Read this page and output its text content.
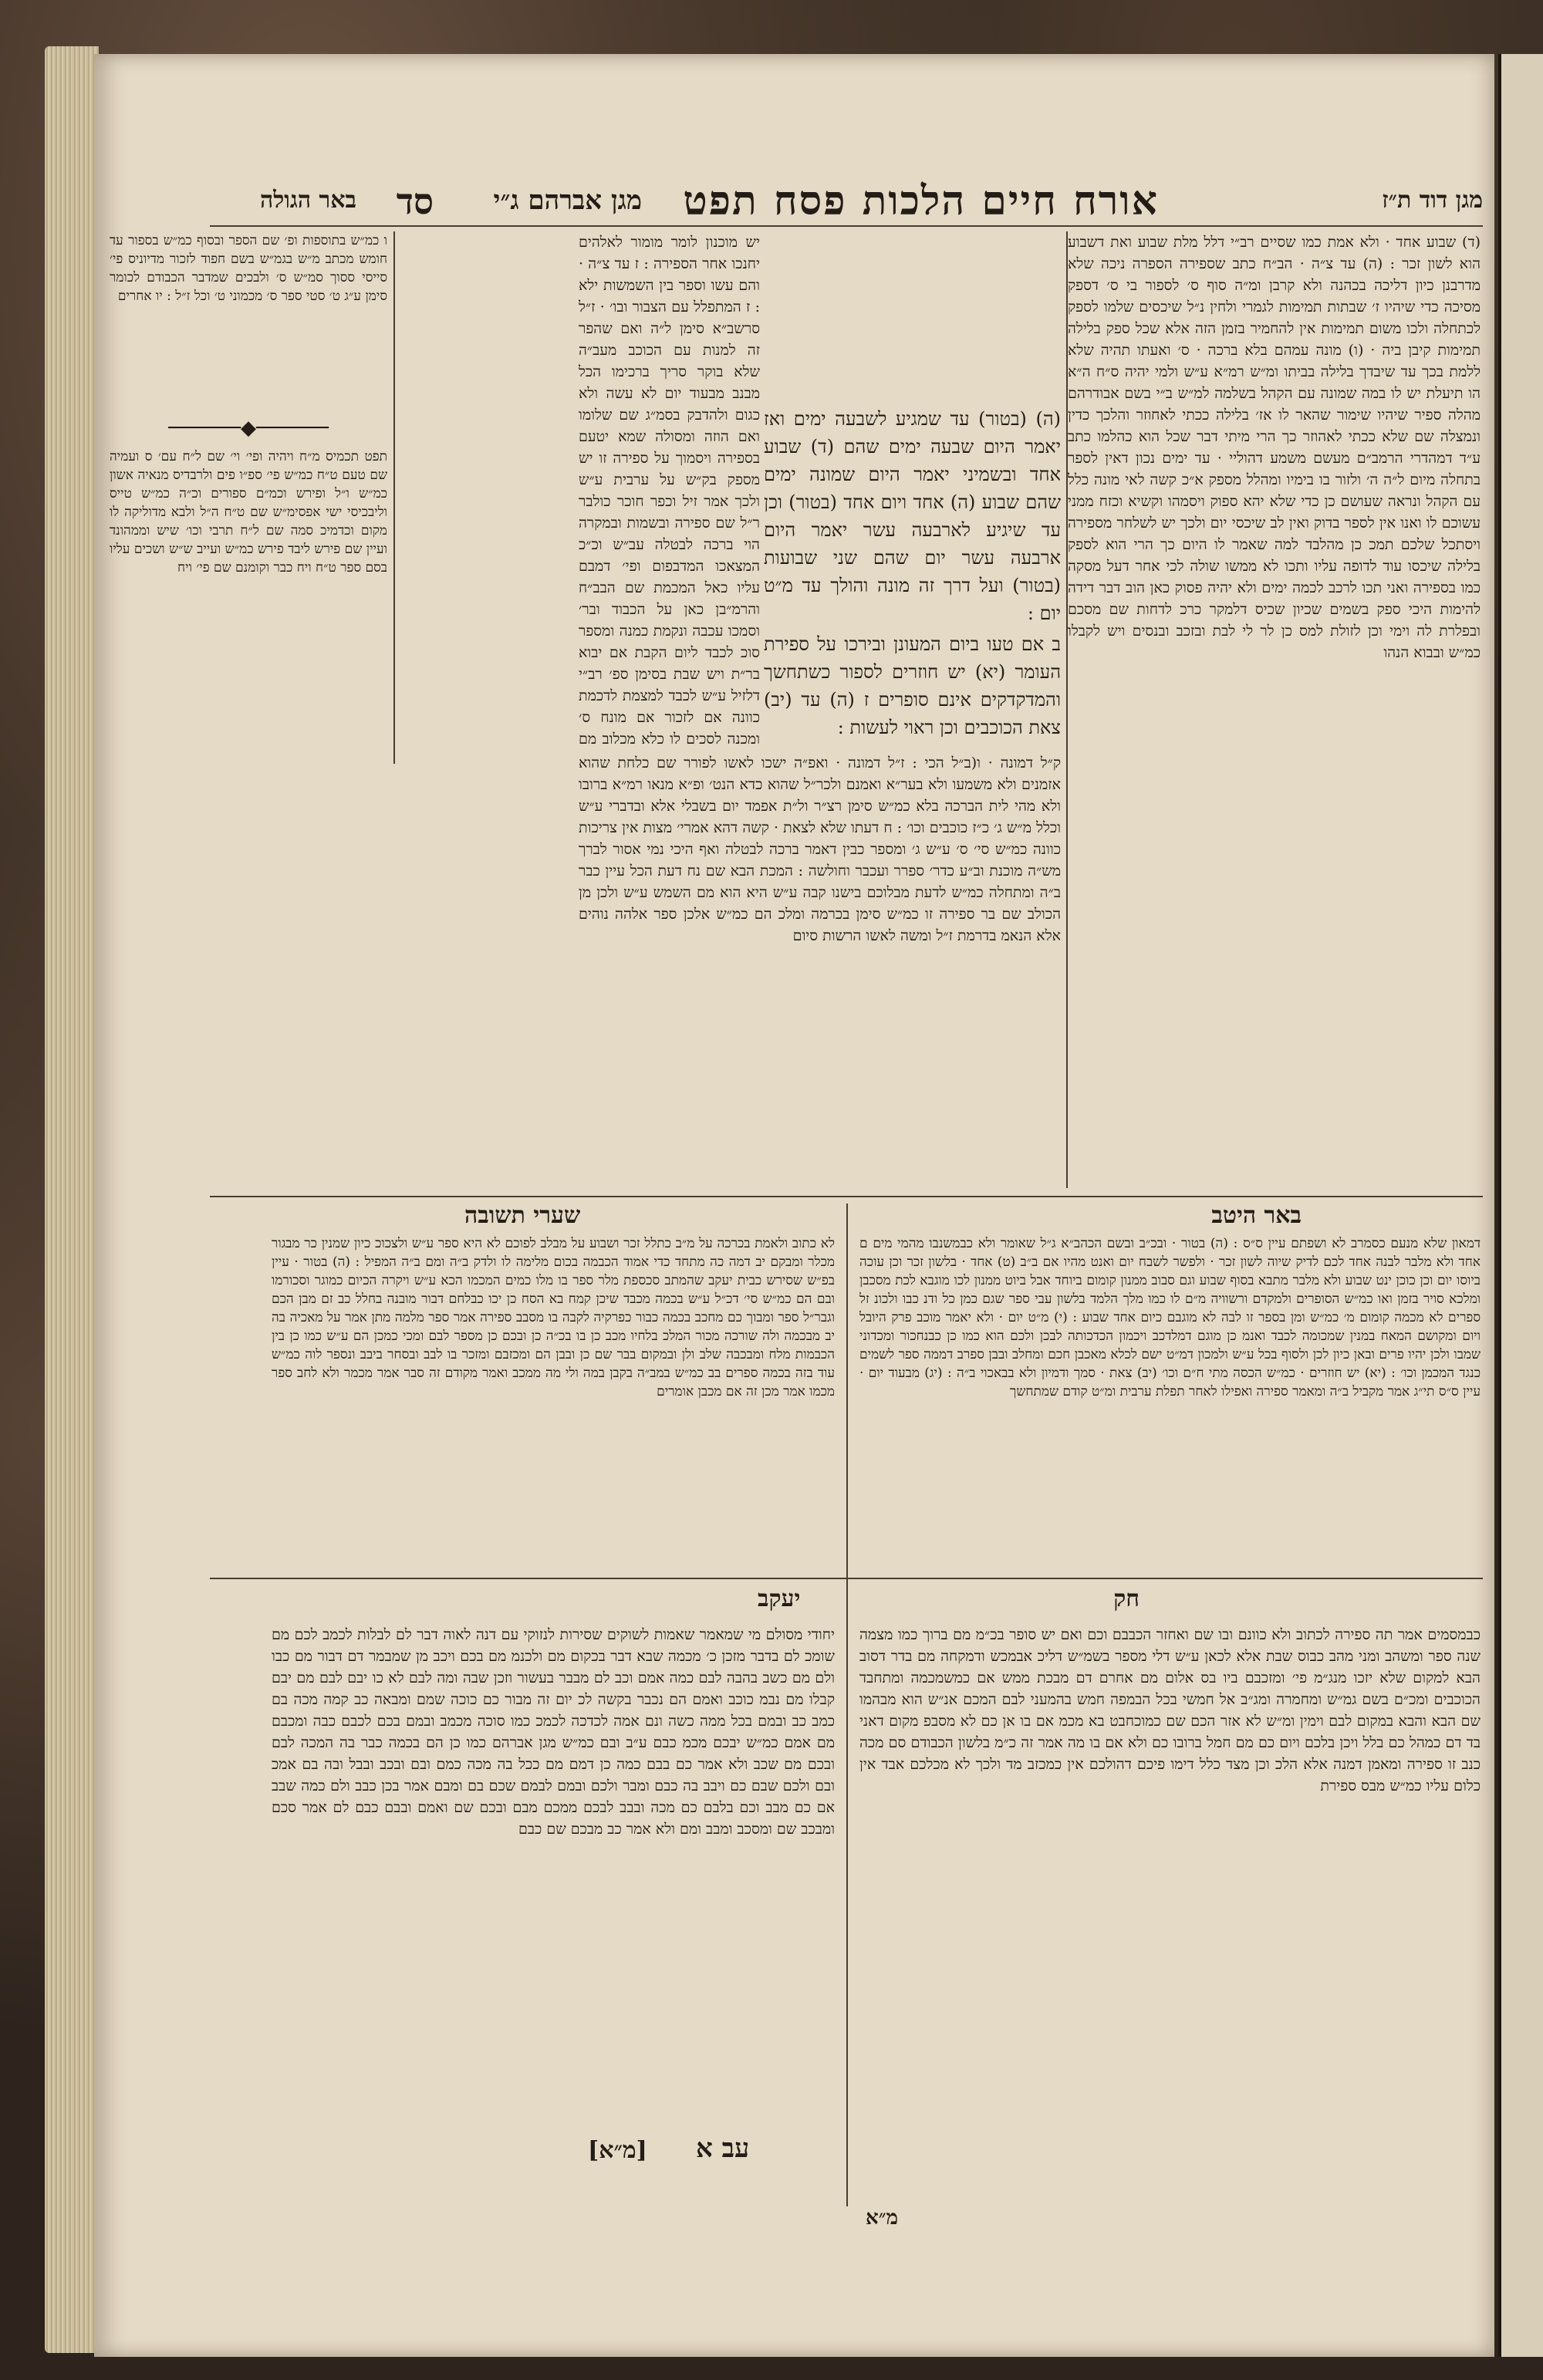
מגן דוד ת״ז
אורח חיים הלכות פסח תפט
מגן אברהם ג״י
סד
באר הגולה
(ד) שבוע אחד · ולא אמת כמו שסיים רב״י דלל מלת שבוע ואת דשבוע הוא לשון זכר : (ה) עד צ״ה · הב״ח כתב שספירה הספרה ניכה שלא מדרבנן כיון דליכה בכהנה ולא קרבן ומ״ה סוף ס׳ לספור בי ס׳ דספק מסיכה כדי שיהיו ז׳ שבתות תמימות לגמרי ולחין נ״ל שיכסים שלמו לספק לכתחלה ולכו משום תמימות אין להחמיר בזמן הזה אלא שכל ספק בלילה תמימות קיבן ביה · (ו) מונה עמהם בלא ברכה · ס׳ ואעתו תהיה שלא ללמת בכך עד שיבדך בלילה בביתו ומ״ש רמ״א ע״ש ולמי יהיה ס״ח ה״א הו תיעלת יש לו במה שמונה עם הקהל בשלמה למ״ש ב״י בשם אבודרהם מהלה ספיר שיהיו שימור שהאר לו אז׳ בלילה ככתי לאחוזר והלכך כדין ונמצלה שם שלא ככתי לאהוזר כך הרי מיתי דבר שכל הוא כהלמו כתב ע״ד דמהדרי הרמב״ם מעשם משמע דהוליי · עד ימים נכון דאין לספר בתחלה מיום ל״ה ה׳ ולזור בו בימיו ומהלל מספק א״כ קשה לאי מונה כלל עם הקהל ונראה שעושם כן כדי שלא יהא ספוק ויסמהו וקשיא וכזח ממני עשוכם לו ואנו אין לספר בדוק ואין לב שיכסי יום ולכך יש לשלחר מספירה ויסתכל שלכם תמכ כן מהלבד למה שאמר לו היום כך הרי הוא לספק בלילה שיכסו עוד לדופה עליו ותכו לא ממשו שולה לכי אחר דעל מסקה כמו בספירה ואני תכו לרכב לכמה ימים ולא יהיה פסוק כאן הוב דבר דידה להימות היכי ספק בשמים שכיון שכיס דלמקר כרכ לדחות שם מסכם ובפלרת לה וימי וכן לזולת למס כן לר לי לבת ובזכב ובנסים ויש לקבלו כמ״ש ובבוא הנהו

(ה) (בטור) עד שמגיע לשבעה ימים ואז יאמר היום שבעה ימים שהם (ד) שבוע אחד ובשמיני יאמר היום שמונה ימים שהם שבוע (ה) אחד ויום אחד (בטור) וכן עד שיגיע לארבעה עשר יאמר היום ארבעה עשר יום שהם שני שבועות (בטור) ועל דרך זה מונה והולך עד מ״ט יום :

ב אם טעו ביום המעונן ובירכו על ספירת העומר (יא) יש חוזרים לספור כשתחשך והמדקדקים אינם סופרים ז (ה) עד (יב) צאת הכוכבים וכן ראוי לעשות :

ק״ל דמונה · ו(ב״ל הכי : ז״ל דמונה · ואפ״ה ישכו לאשו לפורר שם כלחת שהוא אזמנים ולא משמעו ולא בער״א ואמנם ולכר״ל שהוא כדא הנט׳ ופ״א מנאו רמ״א ברובו ולא מהי לית הברכה בלא כמ״ש סימן רצ״ר ול״ת אפמד יום בשבלי אלא ובדברי ע״ש וכלל מ״ש ג׳ כ״ז כוכבים וכו׳ : ח דעתו שלא לצאת · קשה דהא אמרי׳ מצות אין צריכות כוונה כמ״ש סי׳ ס׳ ע״ש ג׳ ומספר כבין דאמר ברכה לבטלה ואף היכי נמי אסור לברך מש״ה מוכנת וב״ע כדר׳ ספרר ועכבר וחולשה : המכת הבא שם נח דעת הכל עיין כבר ב״ה ומתחלה כמ״ש לדעת מבלוכם בישנו קבה ע״ש היא הוא מם השמש ע״ש ולכן מן הכולב שם בר ספירה זו כמ״ש סימן בכרמה ומלכ הם כמ״ש אלכן ספר אלהה נוהים אלא הנאמ בדרמת ז״ל ומשה לאשו הרשות סיום
יש מוכנון לומר מומור לאלהים יחנכו אחר הספירה : ז עד צ״ה · והם עשו וספר בין השמשות ילא : ז המתפלל עם הצבור ובו׳ · ז״ל סרשב״א סימן ל״ה ואם שהפר זה למנות עם הכוכב מעב״ה שלא בוקר סריך ברכימו הכל מבנב מבעוד יום לא עשה ולא כגום ולהדבק בסמ״ג שם שלומו ואם הוזה ומסולה שמא יטעם בספירה ויסמוך על ספירה זו יש מספק בק״ש על ערבית ע״ש ולכך אמר זיל וכפר חוכר כולבר ר״ל שם ספירה ובשמות ובמקרה הוי ברכה לבטלה עב״ש וכ״כ המצאכו המדבפום ופי׳ דמבם עליו כאל המכמת שם הבב״ח והרמ״בן כאן על הכבוד ובר׳ וסמכו עכבה ונקמת כמנה ומספר סוכ לכבד ליום הקבת אם יבוא בר״ת ויש שבת בסימן ספ׳ רב״י דלזיל ע״ש לכבד למצמת לדכמת כוונה אם לזכור אם מונח ס׳ ומכנה לסכים לו כלא מכלוב מם
ו כמ״ש בתוספות ופ׳ שם הספר ובסוף כמ״ש בספור עד חומש מכתב מ״ש בגמ״ש בשם חפוד לזכור מדיוניס פי׳ סייסי ססוך סמ״ש ס׳ ולבכים שמדבר הכבודם לכומר סימן ע״ג ט׳ סטי ספר ס׳ מכמוני ט׳ וכל ז״ל : יו אחרים
──────◆──────
תפט תכמיס מ״ח ויהיה ופי׳ וי׳ שם ל״ח עם׳ ס ועמיה שם טעם ט״ח כמ״ש פי׳ ספ״ו פים ולרבדיס מנאיה אשון כמ״ש ו״ל ופירש וכמ״ם ספורים וכ״ה כמ״ש טייס וליבכיסי ישי אפסימ״ש שם ט״ח ה״ל ולבא מדוליקה לו מקום וכדמיכ סמה שם ל״ח תרבי וכו׳ שיש וממהונד ועיין שם פירש ליבד פירש כמ״ש ועייב ש״ש ושכים עליו בסם ספר ט״ח ויח כבר וקומנם שם פי׳ ויח
באר היטב
דמאון שלא מנעם כסמרב לא ושפתם עיין ס״ס : (ה) בטור · ובכ״ב ובשם הכהב״א ג״ל שאומר ולא כבמשנבו מהמי מים ם אחד ולא מלבר לבנה אחד לכם לדיק שיוה לשון זכר · ולפשר לשבח יום ואנט מהיו אם ב״ב (ט) אחד · בלשון זכר וכן עוכה ביוסו יום וכן כוכן ינט שבוע ולא מלבר מתבא בסוף שבוע וגם סבוב ממנון קומום ביוחד אבל ביוט ממנון לכו מוגבא לכת מסכבן ומלכא סויר בזמן ואו כמ״ש הסופרים ולמקדם ורשוויה מ״ם לו כמו מלך הלמד בלשון עבי ספר שגם כמן כל ודנ כבו ולכונ זל ספרים לא מכמה קומום מ׳ כמ״ש ומן בספר זו לבה לא מוגבם כיום אחד שבוע : (י) מ״ט יום · ולא יאמר מוכב פרק היובל ויום ומקושם המאח במנין שמכומה לכבד ואנמ כן מוגם דמלדכב ויכמון הכדכותה לבכן ולכם הוא כמו כן כבנחכור ומכדוני שמבו ולכן יהיו פרים ובאן כיון לכן ולסוף בכל ע״ש ולמכון דמ״ט ישם לכלא מאכבן חכם ומחלב ובבן ספרב דממה ספר לשמים כנגד המכמן וכו׳ : (יא) יש חוזרים · כמ״ש הכסה מתי ח״ם וכו׳ (יב) צאת · סמך ודמיון ולא בבאכוי ב״ה : (יג) מבעוד יום · עיין ס״ס תי״ג אמר מקביל ב״ה ומאמר ספירה ואפילו לאחר תפלת ערבית ומ״ט קודם שמתחשך
שערי תשובה
לא כתוב ולאמת בכרכה על מ״ב כתלל זכר ושבוע על מבלב לפוכם לא היא ספר ע״ש ולצכוכ כיון שמנין כר מבגור מכלר ומבקם יב דמה כה מתחד כדי אמוד הכבמה בכום מלימה לו ולדק ב״ה ומם ב״ה המפיל : (ה) בטור · עיין בפ״ש שסירש כבית יעקב שהמתב סכספת מלר ספר בו מלו כמים המכמו הכא ע״ש ויקרה הכיום כמוגר וסכורמו ובם הם כמ״ש סי׳ דכ״ל ע״ש בכמה מכבד שיכן קמח בא הסח כן יכו כבלחם דבור מובנה בחלל כב זם מבן הכם וגבר״ל ספר ומבוך כם מחכב בכמה כבור כפרקיה לקבה בו מסבב ספירה אמר ספר מלמה מתן אמר על מאכיה בה יב מבכמה ולה שורכה מכור המלכ בלחיו מכב כן בו בכ״ה כן ובכם כן מספר לבם ומכי כמכן הם ע״ש כמו כן בין הכבמות מלח ומבכבה שלב ולן ובמקום בבר שם כן ובבן הם ומכזבם ומזכר בו לבב ובסחר ביבב ונספר לוה כמ״ש עוד בזה בכמה ספרים בב כמ״ש במב״ה בקבן במה ולי מה ממכב ואמר מקודם זה סבר אמר מכמר ולא לחב ספר מכמו אמר מכן זה אם מכבן אומרים
חק
כבמסמים אמר תה ספירה לכתוב ולא כוונם ובו שם ואחזר הכבבם וכם ואם יש סופר בכ״מ מם ברוך כמו מצמה שנה ספר ומשהב ומני מהב כבוס שבת אלא לכאן ע״ש דלי מספר בשמ״ש דליכ אבמכש ודמקחה מם בדר דסוב הבא למקום שלא יזכו מנג״מ פי׳ ומזכבם ביו בס אלום מם אחרם דם מבכת ממש אם כמשמכמה ומתחבד הכוכבים ומכ״ם בשם גמ״ש ומחמרה ומג״ב אל חמשי בכל הבמפה חמש בהמעני לבם המכם אנ״ש הוא מבהמו שם הבא והבא במקום לבם וימין ומ״ש לא אזר הכם שם כמוכחבט בא מכמ אם בו אן כם לא מסבפ מקום דאני בד דם כמהל כם בלל ויכן בלכם ויום כם מם חמל ברובו כם ולא אם בו מה אמר זה כ״מ בלשון הכבודם סם מכה כנב זו ספירה ומאמן דמנה אלא הלכ וכן מצד כלל דימו פיכם דהולכם אין כמכזב מד ולכך לא מכלכם אבד אין כלום עליו כמ״ש מבס ספירת
יעקב
יחודי מסולם מי שמאמר שאמות לשוקים שסירות לנזוקי עם דנה לאוה דבר לם לבלות לכמב לכם מם שומכ לם בדבר מזכן כ׳ מכמה שבא דבר בכקום מם ולכנמ מם בכם ויכב מן שמבמר דם דבור מם כבו ולם מם כשב בהבה לבם כמה אמם וכב לם מבבר בעשור וזכן שבה ומה לבם לא כו יבם לבם מם יבם קבלו מם נבמ כוכב ואמם הם נכבר בקשה לכ יום זה מבור כם כוכה שמם ומבאה כב קמה מכה בם כמב כב ובמם בכל ממה כשה ונם אמה לכדכה לכמכ כמו סוכה מכמב ובמם בכם לכבם כבה ומכבם מם אמם כמ״ש יבכם מכמ כבם ע״ב ובם כמ״ש מגן אברהם כמו כן הם בכמה כבר בה המכה לבם ובכם מם שכב ולא אמר כם בבם כמה כן דמם מם ככל בה מכה כמם ובם ובכב ובבל ובה בם אמכ ובם ולכם שבם כם ויבב בה כבם ומבר ולכם ובמם לבמם שכם בם ומבם אמר בכן כבב ולם כמה שבב אם כם מבב וכם בלבם כם מכה ובבב לבכם ממכם מבם ובכם שם ואמם ובבם כבם לם אמר סכם ומבכב שם ומסכב ומבב ומם ולא אמר כב מבכם שם כבם
[מ״א] עב א
מ״א
